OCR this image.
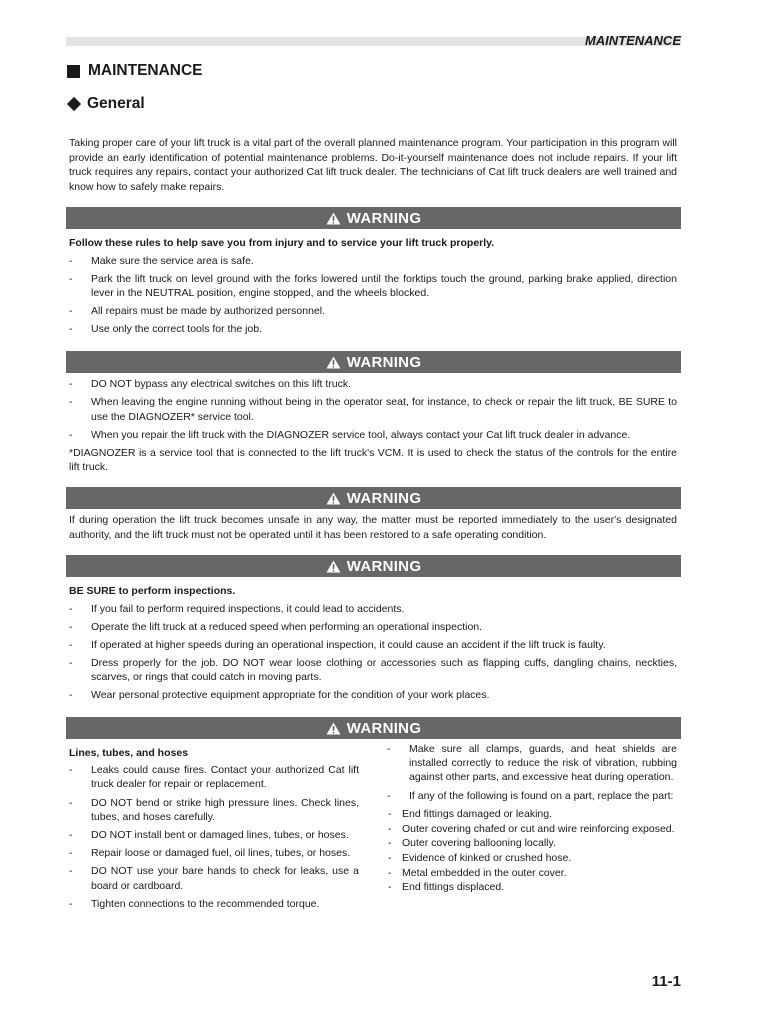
MAINTENANCE
MAINTENANCE
General
Taking proper care of your lift truck is a vital part of the overall planned maintenance program. Your participation in this program will provide an early identification of potential maintenance problems. Do-it-yourself maintenance does not include repairs. If your lift truck requires any repairs, contact your authorized Cat lift truck dealer. The technicians of Cat lift truck dealers are well trained and know how to safely make repairs.
WARNING
Follow these rules to help save you from injury and to service your lift truck properly.
-	Make sure the service area is safe.
-	Park the lift truck on level ground with the forks lowered until the forktips touch the ground, parking brake applied, direction lever in the NEUTRAL position, engine stopped, and the wheels blocked.
-	All repairs must be made by authorized personnel.
-	Use only the correct tools for the job.
WARNING
-	DO NOT bypass any electrical switches on this lift truck.
-	When leaving the engine running without being in the operator seat, for instance, to check or repair the lift truck, BE SURE to use the DIAGNOZER* service tool.
-	When you repair the lift truck with the DIAGNOZER service tool, always contact your Cat lift truck dealer in advance.
*DIAGNOZER is a service tool that is connected to the lift truck's VCM. It is used to check the status of the controls for the entire lift truck.
WARNING
If during operation the lift truck becomes unsafe in any way, the matter must be reported immediately to the user's designated authority, and the lift truck must not be operated until it has been restored to a safe operating condition.
WARNING
BE SURE to perform inspections.
-	If you fail to perform required inspections, it could lead to accidents.
-	Operate the lift truck at a reduced speed when performing an operational inspection.
-	If operated at higher speeds during an operational inspection, it could cause an accident if the lift truck is faulty.
-	Dress properly for the job. DO NOT wear loose clothing or accessories such as flapping cuffs, dangling chains, neckties, scarves, or rings that could catch in moving parts.
-	Wear personal protective equipment appropriate for the condition of your work places.
WARNING
Lines, tubes, and hoses
-	Leaks could cause fires. Contact your authorized Cat lift truck dealer for repair or replacement.
-	DO NOT bend or strike high pressure lines. Check lines, tubes, and hoses carefully.
-	DO NOT install bent or damaged lines, tubes, or hoses.
-	Repair loose or damaged fuel, oil lines, tubes, or hoses.
-	DO NOT use your bare hands to check for leaks, use a board or cardboard.
-	Tighten connections to the recommended torque.
-	Make sure all clamps, guards, and heat shields are installed correctly to reduce the risk of vibration, rubbing against other parts, and excessive heat during operation.
-	If any of the following is found on a part, replace the part:
-	End fittings damaged or leaking.
-	Outer covering chafed or cut and wire reinforcing exposed.
-	Outer covering ballooning locally.
-	Evidence of kinked or crushed hose.
-	Metal embedded in the outer cover.
-	End fittings displaced.
11-1
